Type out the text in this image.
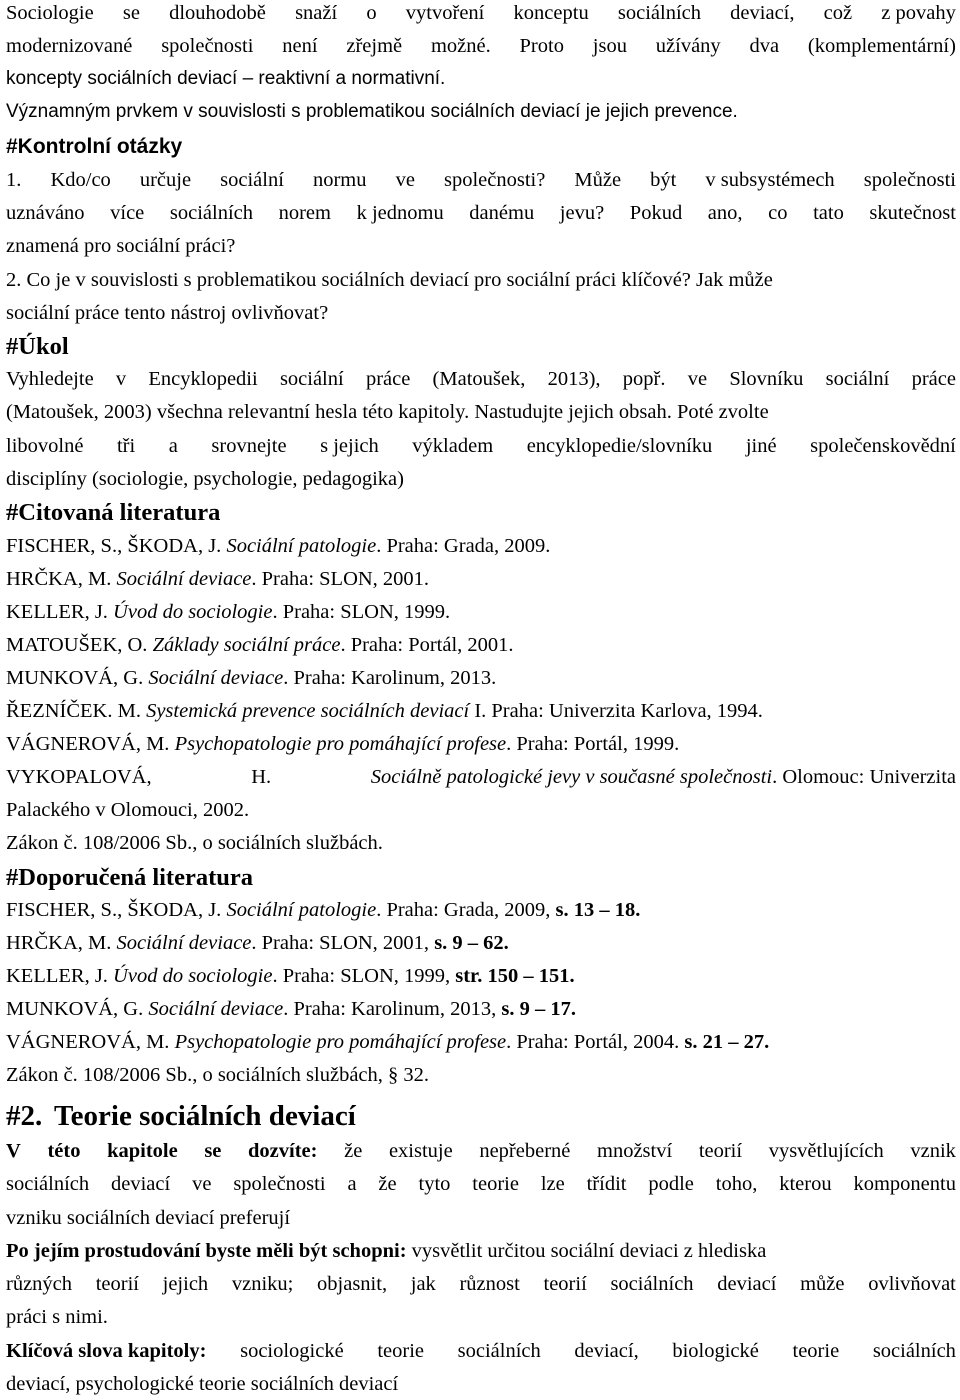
Sociologie se dlouhodobě snaží o vytvoření konceptu sociálních deviací, což z povahy
modernizované společnosti není zřejmě možné. Proto jsou užívány dva (komplementární)
koncepty sociálních deviací – reaktivní a normativní.
Významným prvkem v souvislosti s problematikou sociálních deviací je jejich prevence.
#Kontrolní otázky
1. Kdo/co určuje sociální normu ve společnosti? Může být v subsystémech společnosti
uznáváno více sociálních norem k jednomu danému jevu? Pokud ano, co tato skutečnost
znamená pro sociální práci?
2. Co je v souvislosti s problematikou sociálních deviací pro sociální práci klíčové? Jak může
sociální práce tento nástroj ovlivňovat?
#Úkol
Vyhledejte v Encyklopedii sociální práce (Matoušek, 2013), popř. ve Slovníku sociální práce
(Matoušek, 2003) všechna relevantní hesla této kapitoly. Nastudujte jejich obsah. Poté zvolte
libovolné tři a srovnejte s jejich výkladem encyklopedie/slovníku jiné společenskovědní
disciplíny (sociologie, psychologie, pedagogika)
#Citovaná literatura
FISCHER, S., ŠKODA, J. Sociální patologie. Praha: Grada, 2009.
HRČKA, M. Sociální deviace. Praha: SLON, 2001.
KELLER, J. Úvod do sociologie. Praha: SLON, 1999.
MATOUŠEK, O. Základy sociální práce. Praha: Portál, 2001.
MUNKOVÁ, G. Sociální deviace. Praha: Karolinum, 2013.
ŘEZNÍČEK. M. Systemická prevence sociálních deviací I. Praha: Univerzita Karlova, 1994.
VÁGNEROVÁ, M. Psychopatologie pro pomáhající profese. Praha: Portál, 1999.
VYKOPALOVÁ,	H.	Sociálně patologické jevy v současné společnosti. Olomouc: Univerzita
Palackého v Olomouci, 2002.
Zákon č. 108/2006 Sb., o sociálních službách.
#Doporučená literatura
FISCHER, S., ŠKODA, J. Sociální patologie. Praha: Grada, 2009, s. 13 – 18.
HRČKA, M. Sociální deviace. Praha: SLON, 2001, s. 9 – 62.
KELLER, J. Úvod do sociologie. Praha: SLON, 1999, str. 150 – 151.
MUNKOVÁ, G. Sociální deviace. Praha: Karolinum, 2013, s. 9 – 17.
VÁGNEROVÁ, M. Psychopatologie pro pomáhající profese. Praha: Portál, 2004. s. 21 – 27.
Zákon č. 108/2006 Sb., o sociálních službách, § 32.
#2. Teorie sociálních deviací
V této kapitole se dozvíte: že existuje nepřeberné množství teorií vysvětlujících vznik
sociálních deviací ve společnosti a že tyto teorie lze třídit podle toho, kterou komponentu
vzniku sociálních deviací preferují
Po jejím prostudování byste měli být schopni: vysvětlit určitou sociální deviaci z hlediska
různých teorií jejich vzniku; objasnit, jak různost teorií sociálních deviací může ovlivňovat
práci s nimi.
Klíčová slova kapitoly: sociologické teorie sociálních deviací, biologické teorie sociálních
deviací, psychologické teorie sociálních deviací
